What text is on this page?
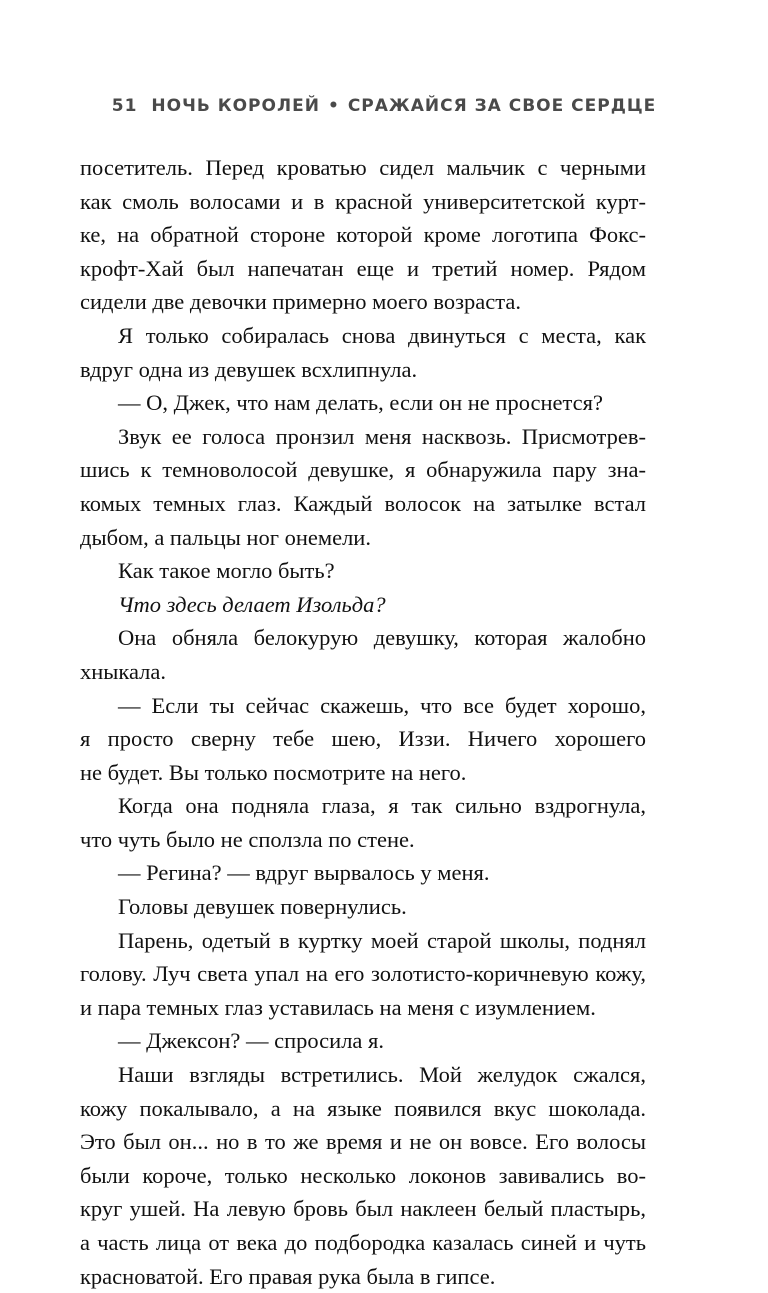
51 НОЧЬ КОРОЛЕЙ • СРАЖАЙСЯ ЗА СВОЕ СЕРДЦЕ
посетитель. Перед кроватью сидел мальчик с черными
как смоль волосами и в красной университетской курт-
ке, на обратной стороне которой кроме логотипа Фокс-
крофт-Хай был напечатан еще и третий номер. Рядом
сидели две девочки примерно моего возраста.
Я только собиралась снова двинуться с места, как
вдруг одна из девушек всхлипнула.
— О, Джек, что нам делать, если он не проснется?
Звук ее голоса пронзил меня насквозь. Присмотрев-
шись к темноволосой девушке, я обнаружила пару зна-
комых темных глаз. Каждый волосок на затылке встал
дыбом, а пальцы ног онемели.
Как такое могло быть?
Что здесь делает Изольда?
Она обняла белокурую девушку, которая жалобно
хныкала.
— Если ты сейчас скажешь, что все будет хорошо,
я просто сверну тебе шею, Иззи. Ничего хорошего
не будет. Вы только посмотрите на него.
Когда она подняла глаза, я так сильно вздрогнула,
что чуть было не сползла по стене.
— Регина? — вдруг вырвалось у меня.
Головы девушек повернулись.
Парень, одетый в куртку моей старой школы, поднял
голову. Луч света упал на его золотисто-коричневую кожу,
и пара темных глаз уставилась на меня с изумлением.
— Джексон? — спросила я.
Наши взгляды встретились. Мой желудок сжался,
кожу покалывало, а на языке появился вкус шоколада.
Это был он... но в то же время и не он вовсе. Его волосы
были короче, только несколько локонов завивались во-
круг ушей. На левую бровь был наклеен белый пластырь,
а часть лица от века до подбородка казалась синей и чуть
красноватой. Его правая рука была в гипсе.
